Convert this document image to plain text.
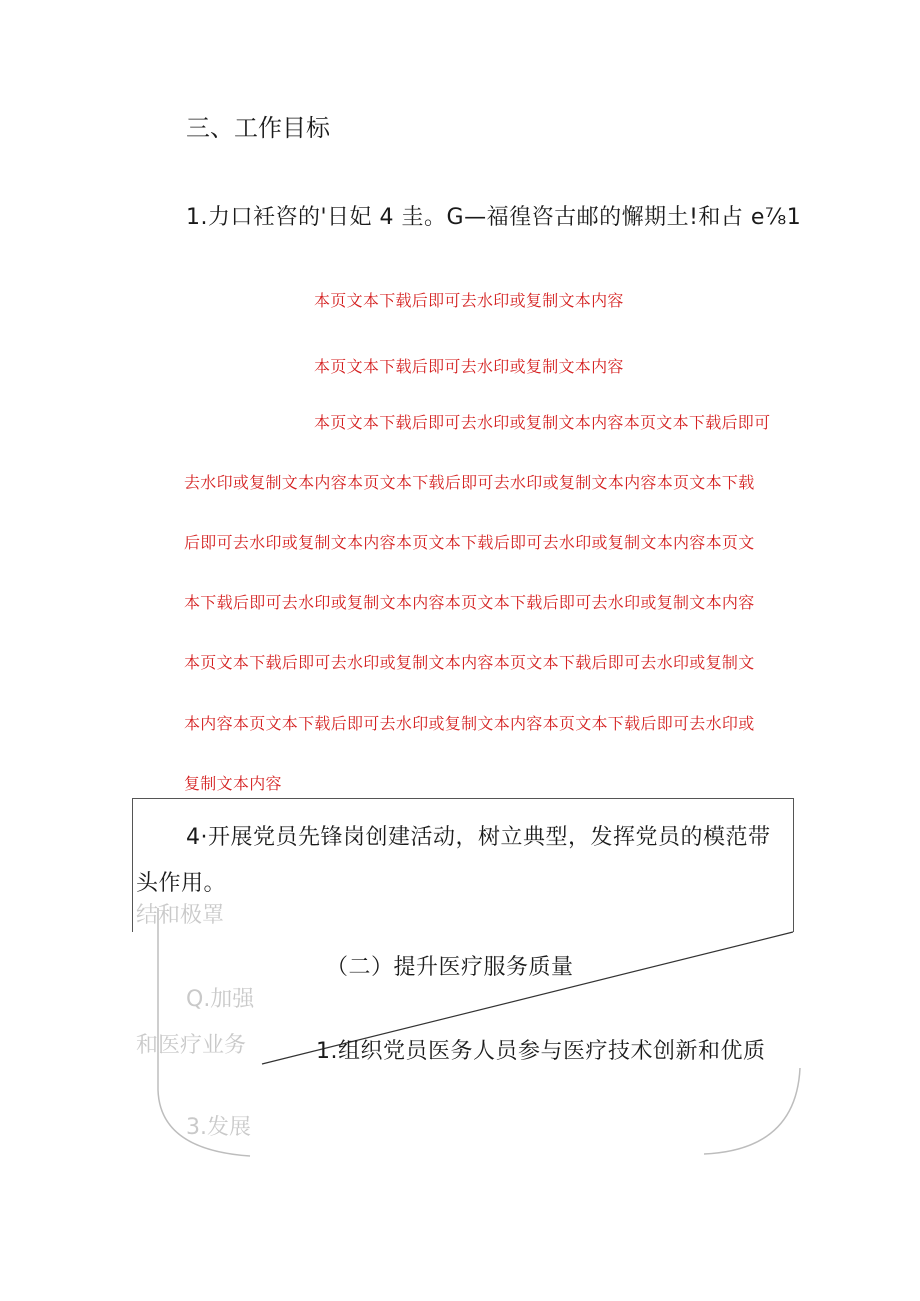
三、工作目标
1.力口衽咨的'日妃 4 圭。G—福徨咨古邮的懈期土!和占 e⅞1
本页文本下载后即可去水印或复制文本内容
本页文本下载后即可去水印或复制文本内容
本页文本下载后即可去水印或复制文本内容本页文本下载后即可
去水印或复制文本内容本页文本下载后即可去水印或复制文本内容本页文本下载
后即可去水印或复制文本内容本页文本下载后即可去水印或复制文本内容本页文
本下载后即可去水印或复制文本内容本页文本下载后即可去水印或复制文本内容
本页文本下载后即可去水印或复制文本内容本页文本下载后即可去水印或复制文
本内容本页文本下载后即可去水印或复制文本内容本页文本下载后即可去水印或
复制文本内容
4·开展党员先锋岗创建活动，树立典型，发挥党员的模范带
头作用。
结和极罩
Q.加强
和医疗业务
3.发展
（二）提升医疗服务质量
1.组织党员医务人员参与医疗技术创新和优质
